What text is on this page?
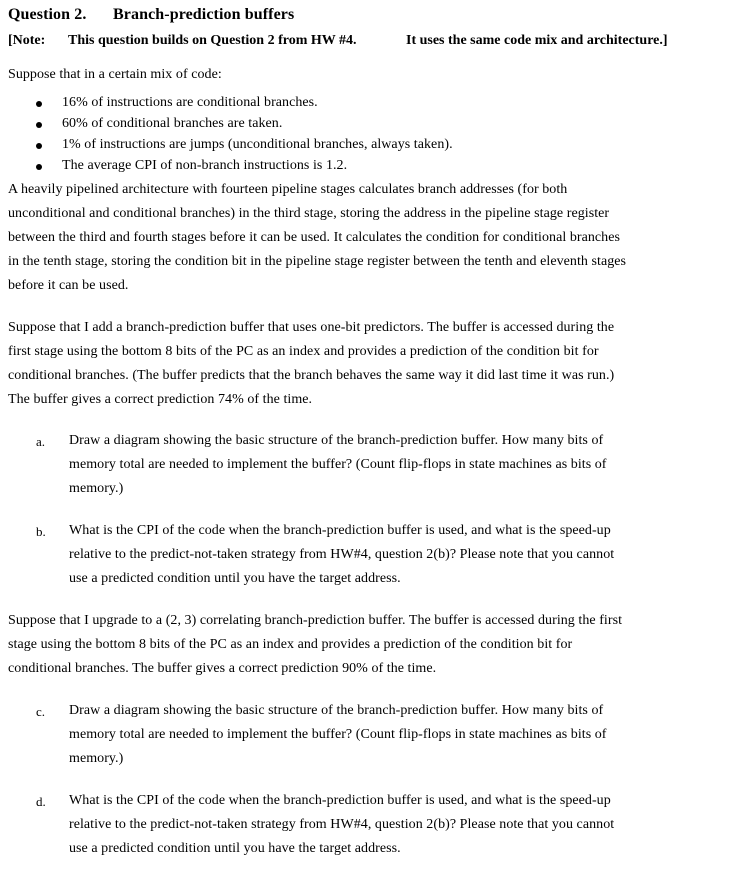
Question 2. Branch-prediction buffers
[Note: This question builds on Question 2 from HW #4.	It uses the same code mix and architecture.]
Suppose that in a certain mix of code:
16% of instructions are conditional branches.
60% of conditional branches are taken.
1% of instructions are jumps (unconditional branches, always taken).
The average CPI of non-branch instructions is 1.2.
A heavily pipelined architecture with fourteen pipeline stages calculates branch addresses (for both
unconditional and conditional branches) in the third stage, storing the address in the pipeline stage register
between the third and fourth stages before it can be used. It calculates the condition for conditional branches
in the tenth stage, storing the condition bit in the pipeline stage register between the tenth and eleventh stages
before it can be used.
Suppose that I add a branch-prediction buffer that uses one-bit predictors. The buffer is accessed during the
first stage using the bottom 8 bits of the PC as an index and provides a prediction of the condition bit for
conditional branches. (The buffer predicts that the branch behaves the same way it did last time it was run.)
The buffer gives a correct prediction 74% of the time.
a. Draw a diagram showing the basic structure of the branch-prediction buffer. How many bits of
memory total are needed to implement the buffer? (Count flip-flops in state machines as bits of
memory.)
b. What is the CPI of the code when the branch-prediction buffer is used, and what is the speed-up
relative to the predict-not-taken strategy from HW#4, question 2(b)? Please note that you cannot
use a predicted condition until you have the target address.
Suppose that I upgrade to a (2, 3) correlating branch-prediction buffer. The buffer is accessed during the first
stage using the bottom 8 bits of the PC as an index and provides a prediction of the condition bit for
conditional branches. The buffer gives a correct prediction 90% of the time.
c. Draw a diagram showing the basic structure of the branch-prediction buffer. How many bits of
memory total are needed to implement the buffer? (Count flip-flops in state machines as bits of
memory.)
d. What is the CPI of the code when the branch-prediction buffer is used, and what is the speed-up
relative to the predict-not-taken strategy from HW#4, question 2(b)? Please note that you cannot
use a predicted condition until you have the target address.
